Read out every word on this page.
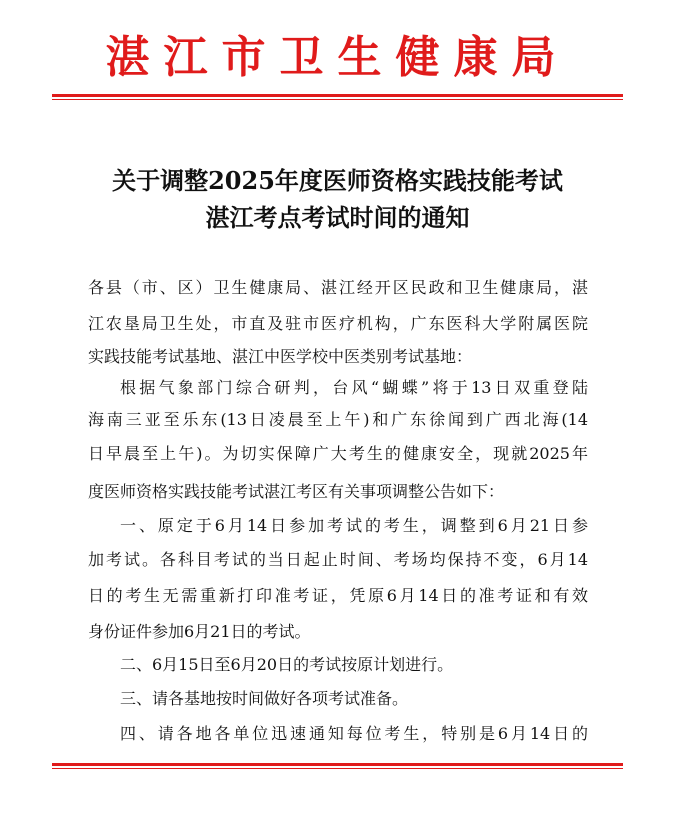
湛江市卫生健康局
关于调整2025年度医师资格实践技能考试
湛江考点考试时间的通知
各县（市、区）卫生健康局、湛江经开区民政和卫生健康局，湛
江农垦局卫生处，市直及驻市医疗机构，广东医科大学附属医院
实践技能考试基地、湛江中医学校中医类别考试基地：
根据气象部门综合研判，台风“蝴蝶”将于13日双重登陆
海南三亚至乐东(13日凌晨至上午)和广东徐闻到广西北海(14
日早晨至上午)。为切实保障广大考生的健康安全，现就2025年
度医师资格实践技能考试湛江考区有关事项调整公告如下：
一、原定于6月14日参加考试的考生，调整到6月21日参
加考试。各科目考试的当日起止时间、考场均保持不变，6月14
日的考生无需重新打印准考证，凭原6月14日的准考证和有效
身份证件参加6月21日的考试。
二、6月15日至6月20日的考试按原计划进行。
三、请各基地按时间做好各项考试准备。
四、请各地各单位迅速通知每位考生，特别是6月14日的
